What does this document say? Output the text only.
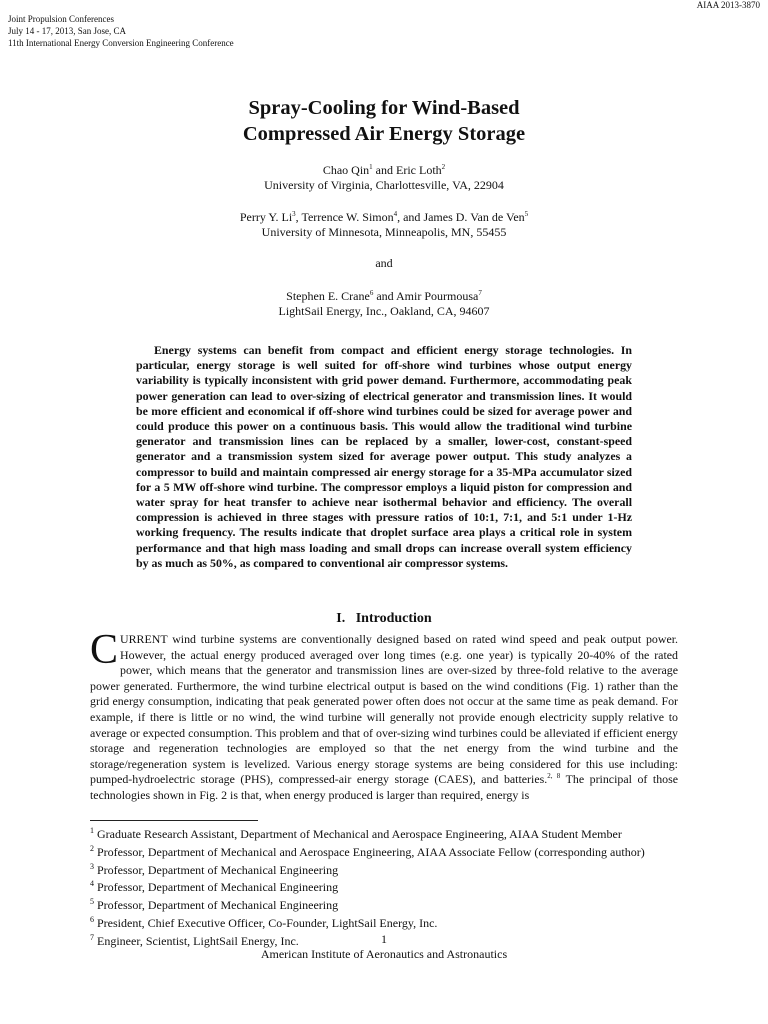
AIAA 2013-3870
Joint Propulsion Conferences
July 14 - 17, 2013, San Jose, CA
11th International Energy Conversion Engineering Conference
Spray-Cooling for Wind-Based
Compressed Air Energy Storage
Chao Qin$^1$ and Eric Loth$^2$
University of Virginia, Charlottesville, VA, 22904
Perry Y. Li$^3$, Terrence W. Simon$^4$, and James D. Van de Ven$^5$
University of Minnesota, Minneapolis, MN, 55455
and
Stephen E. Crane$^6$ and Amir Pourmousa$^7$
LightSail Energy, Inc., Oakland, CA, 94607
Energy systems can benefit from compact and efficient energy storage technologies. In particular, energy storage is well suited for off-shore wind turbines whose output energy variability is typically inconsistent with grid power demand. Furthermore, accommodating peak power generation can lead to over-sizing of electrical generator and transmission lines. It would be more efficient and economical if off-shore wind turbines could be sized for average power and could produce this power on a continuous basis. This would allow the traditional wind turbine generator and transmission lines can be replaced by a smaller, lower-cost, constant-speed generator and a transmission system sized for average power output. This study analyzes a compressor to build and maintain compressed air energy storage for a 35-MPa accumulator sized for a 5 MW off-shore wind turbine. The compressor employs a liquid piston for compression and water spray for heat transfer to achieve near isothermal behavior and efficiency. The overall compression is achieved in three stages with pressure ratios of 10:1, 7:1, and 5:1 under 1-Hz working frequency. The results indicate that droplet surface area plays a critical role in system performance and that high mass loading and small drops can increase overall system efficiency by as much as 50%, as compared to conventional air compressor systems.
I.   Introduction
CURRENT wind turbine systems are conventionally designed based on rated wind speed and peak output power. However, the actual energy produced averaged over long times (e.g. one year) is typically 20-40% of the rated power, which means that the generator and transmission lines are over-sized by three-fold relative to the average power generated. Furthermore, the wind turbine electrical output is based on the wind conditions (Fig. 1) rather than the grid energy consumption, indicating that peak generated power often does not occur at the same time as peak demand. For example, if there is little or no wind, the wind turbine will generally not provide enough electricity supply relative to average or expected consumption. This problem and that of over-sizing wind turbines could be alleviated if efficient energy storage and regeneration technologies are employed so that the net energy from the wind turbine and the storage/regeneration system is levelized. Various energy storage systems are being considered for this use including: pumped-hydroelectric storage (PHS), compressed-air energy storage (CAES), and batteries.$^{2, 8}$ The principal of those technologies shown in Fig. 2 is that, when energy produced is larger than required, energy is
$^1$ Graduate Research Assistant, Department of Mechanical and Aerospace Engineering, AIAA Student Member
$^2$ Professor, Department of Mechanical and Aerospace Engineering, AIAA Associate Fellow (corresponding author)
$^3$ Professor, Department of Mechanical Engineering
$^4$ Professor, Department of Mechanical Engineering
$^5$ Professor, Department of Mechanical Engineering
$^6$ President, Chief Executive Officer, Co-Founder, LightSail Energy, Inc.
$^7$ Engineer, Scientist, LightSail Energy, Inc.	1
American Institute of Aeronautics and Astronautics
